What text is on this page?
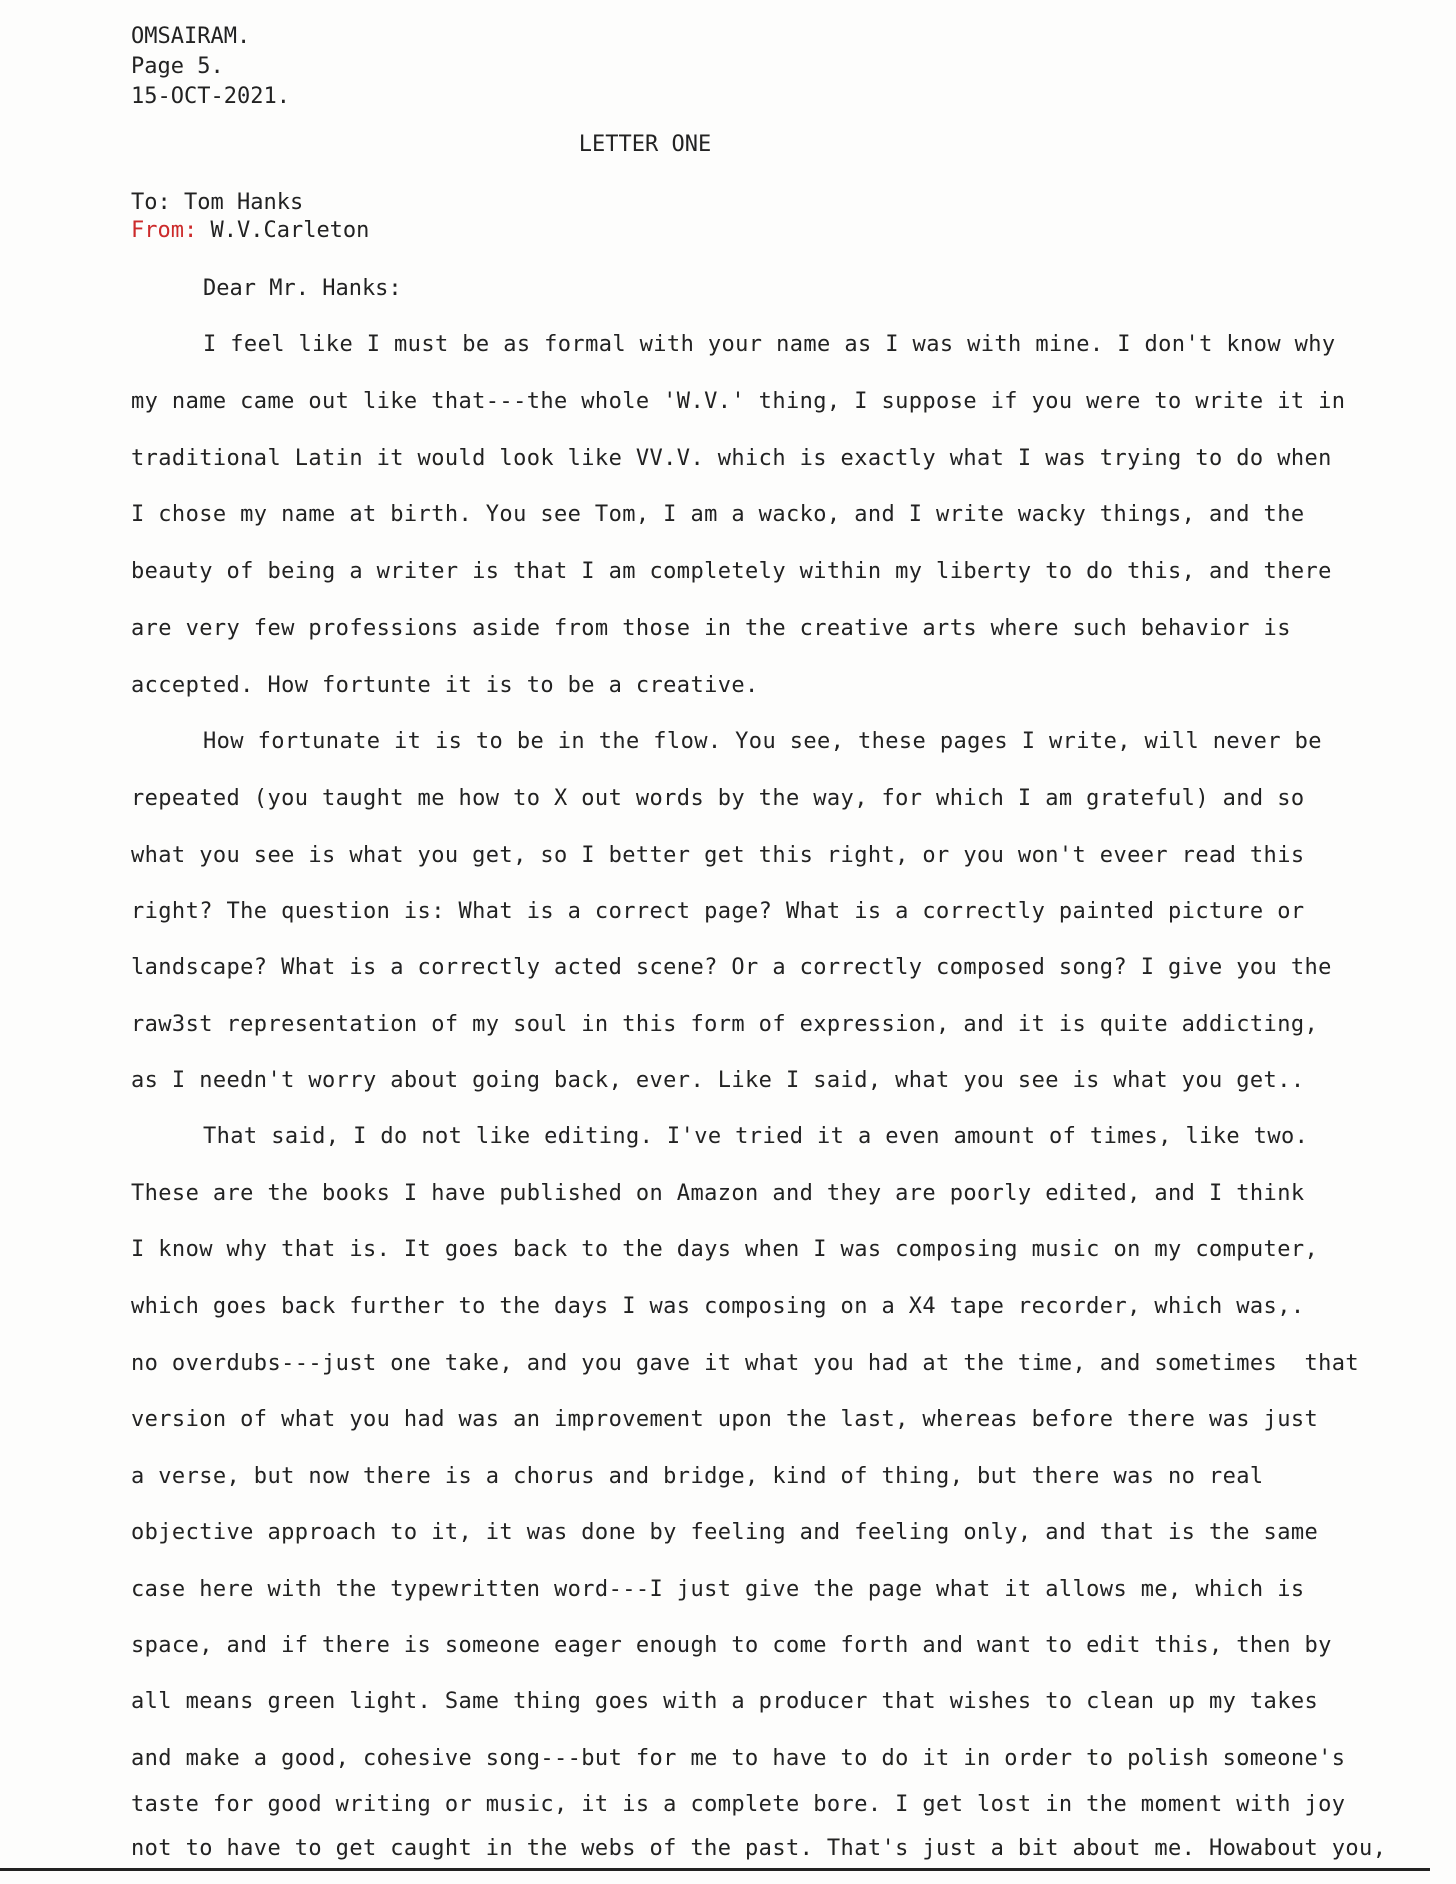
OMSAIRAM.
Page 5.
15-OCT-2021.
LETTER ONE
To: Tom Hanks
From: W.V.Carleton
Dear Mr. Hanks:
I feel like I must be as formal with your name as I was with mine. I don't know why
my name came out like that---the whole 'W.V.' thing, I suppose if you were to write it in
traditional Latin it would look like VV.V. which is exactly what I was trying to do when
I chose my name at birth. You see Tom, I am a wacko, and I write wacky things, and the
beauty of being a writer is that I am completely within my liberty to do this, and there
are very few professions aside from those in the creative arts where such behavior is
accepted. How fortunte it is to be a creative.
How fortunate it is to be in the flow. You see, these pages I write, will never be
repeated (you taught me how to X out words by the way, for which I am grateful) and so
what you see is what you get, so I better get this right, or you won't eveer read this
right? The question is: What is a correct page? What is a correctly painted picture or
landscape? What is a correctly acted scene? Or a correctly composed song? I give you the
raw3st representation of my soul in this form of expression, and it is quite addicting,
as I needn't worry about going back, ever. Like I said, what you see is what you get..
That said, I do not like editing. I've tried it a even amount of times, like two.
These are the books I have published on Amazon and they are poorly edited, and I think
I know why that is. It goes back to the days when I was composing music on my computer,
which goes back further to the days I was composing on a X4 tape recorder, which was,.
no overdubs---just one take, and you gave it what you had at the time, and sometimes  that
version of what you had was an improvement upon the last, whereas before there was just
a verse, but now there is a chorus and bridge, kind of thing, but there was no real
objective approach to it, it was done by feeling and feeling only, and that is the same
case here with the typewritten word---I just give the page what it allows me, which is
space, and if there is someone eager enough to come forth and want to edit this, then by
all means green light. Same thing goes with a producer that wishes to clean up my takes
and make a good, cohesive song---but for me to have to do it in order to polish someone's
taste for good writing or music, it is a complete bore. I get lost in the moment with joy
not to have to get caught in the webs of the past. That's just a bit about me. Howabout you,
